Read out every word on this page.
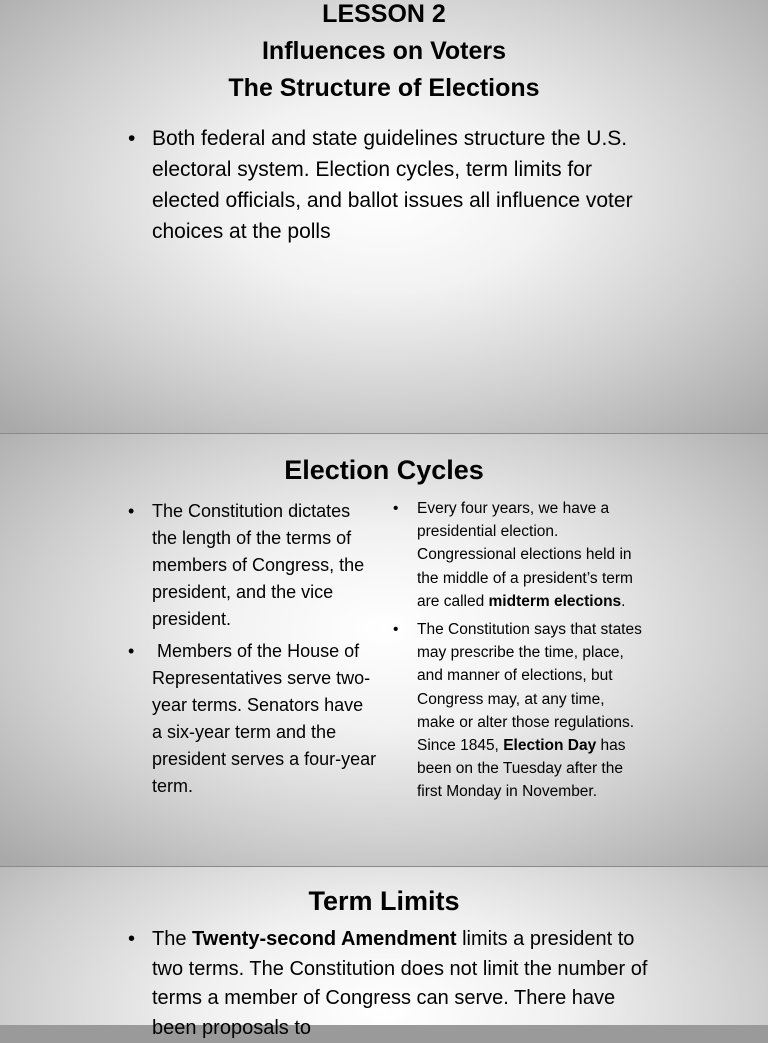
LESSON 2
Influences on Voters
The Structure of Elections
• Both federal and state guidelines structure the U.S. electoral system. Election cycles, term limits for elected officials, and ballot issues all influence voter choices at the polls
Election Cycles
• The Constitution dictates the length of the terms of members of Congress, the president, and the vice president.
• Members of the House of Representatives serve two-year terms. Senators have a six-year term and the president serves a four-year term.
• Every four years, we have a presidential election. Congressional elections held in the middle of a president’s term are called midterm elections.
• The Constitution says that states may prescribe the time, place, and manner of elections, but Congress may, at any time, make or alter those regulations. Since 1845, Election Day has been on the Tuesday after the first Monday in November.
Term Limits
• The Twenty-second Amendment limits a president to two terms. The Constitution does not limit the number of terms a member of Congress can serve. There have been proposals to
